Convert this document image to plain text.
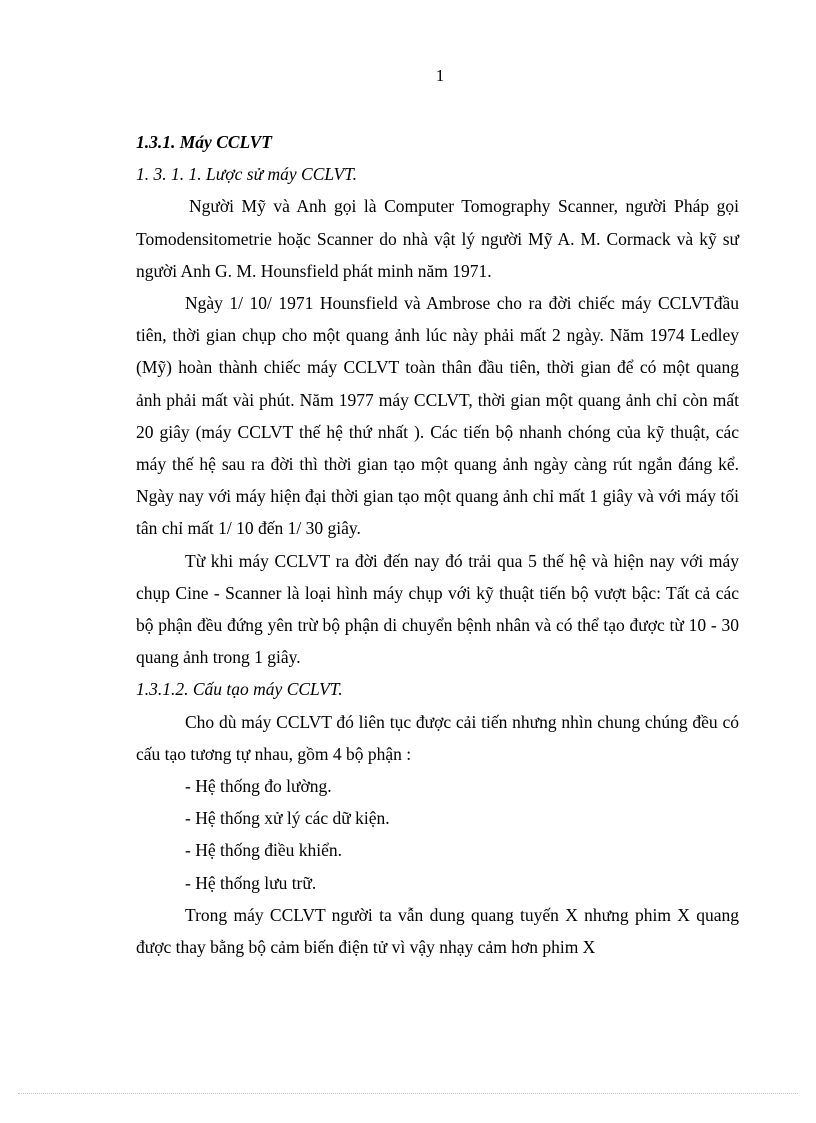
1

1.3.1. Máy CCLVT

1. 3. 1. 1. Lược sử máy CCLVT.

Người Mỹ và Anh gọi là Computer Tomography Scanner, người Pháp gọi Tomodensitometrie hoặc Scanner do nhà vật lý người Mỹ A. M. Cormack và kỹ sư người Anh G. M. Hounsfield phát minh năm 1971.

Ngày 1/ 10/ 1971 Hounsfield và Ambrose cho ra đời chiếc máy CCLVTđầu tiên, thời gian chụp cho một quang ảnh lúc này phải mất 2 ngày. Năm 1974 Ledley (Mỹ) hoàn thành chiếc máy CCLVT toàn thân đầu tiên, thời gian để có một quang ảnh phải mất vài phút. Năm 1977 máy CCLVT, thời gian một quang ảnh chỉ còn mất 20 giây (máy CCLVT thế hệ thứ nhất ). Các tiến bộ nhanh chóng của kỹ thuật, các máy thế hệ sau ra đời thì thời gian tạo một quang ảnh ngày càng rút ngắn đáng kể. Ngày nay với máy hiện đại thời gian tạo một quang ảnh chỉ mất 1 giây và với máy tối tân chỉ mất 1/ 10 đến 1/ 30 giây.

Từ khi máy CCLVT ra đời đến nay đó trải qua 5 thế hệ và hiện nay với máy chụp Cine - Scanner là loại hình máy chụp với kỹ thuật tiến bộ vượt bậc: Tất cả các bộ phận đều đứng yên trừ bộ phận di chuyển bệnh nhân và có thể tạo được từ 10 - 30 quang ảnh trong 1 giây.

1.3.1.2. Cấu tạo máy CCLVT.

Cho dù máy CCLVT đó liên tục được cải tiến nhưng nhìn chung chúng đều có cấu tạo tương tự nhau, gồm 4 bộ phận :

- Hệ thống đo lường.

- Hệ thống xử lý các dữ kiện.

- Hệ thống điều khiển.

- Hệ thống lưu trữ.

Trong máy CCLVT người ta vẫn dung quang tuyến X nhưng phim X quang được thay bằng bộ cảm biến điện tử vì vậy nhạy cảm hơn phim X
